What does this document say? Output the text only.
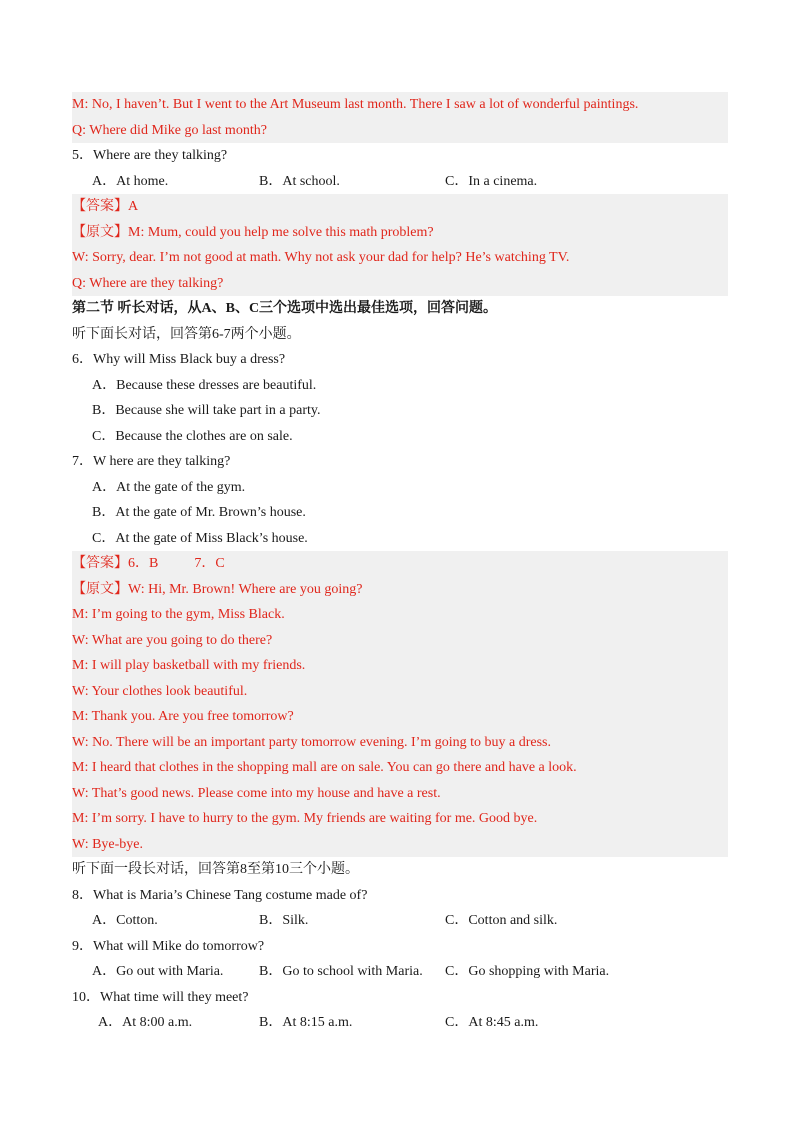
M: No, I haven’t. But I went to the Art Museum last month. There I saw a lot of wonderful paintings.
Q: Where did Mike go last month?
5．Where are they talking?
A．At home.	B．At school.	C．In a cinema.
【答案】A
【原文】M: Mum, could you help me solve this math problem?
W: Sorry, dear. I’m not good at math. Why not ask your dad for help? He’s watching TV.
Q: Where are they talking?
第二节 听长对话，从A、B、C三个选项中选出最佳选项，回答问题。
听下面长对话，回答第6-7两个小题。
6．Why will Miss Black buy a dress?
A．Because these dresses are beautiful.
B．Because she will take part in a party.
C．Because the clothes are on sale.
7．W here are they talking?
A．At the gate of the gym.
B．At the gate of Mr. Brown’s house.
C．At the gate of Miss Black’s house.
【答案】6．B	7．C
【原文】W: Hi, Mr. Brown! Where are you going?
M: I’m going to the gym, Miss Black.
W: What are you going to do there?
M: I will play basketball with my friends.
W: Your clothes look beautiful.
M: Thank you. Are you free tomorrow?
W: No. There will be an important party tomorrow evening. I’m going to buy a dress.
M: I heard that clothes in the shopping mall are on sale. You can go there and have a look.
W: That’s good news. Please come into my house and have a rest.
M: I’m sorry. I have to hurry to the gym. My friends are waiting for me. Good bye.
W: Bye-bye.
听下面一段长对话，回答第8至第10三个小题。
8．What is Maria’s Chinese Tang costume made of?
A．Cotton.	B．Silk.	C．Cotton and silk.
9．What will Mike do tomorrow?
A．Go out with Maria.	B．Go to school with Maria. C．Go shopping with Maria.
10．What time will they meet?
A．At 8:00 a.m.	B．At 8:15 a.m.	C．At 8:45 a.m.
